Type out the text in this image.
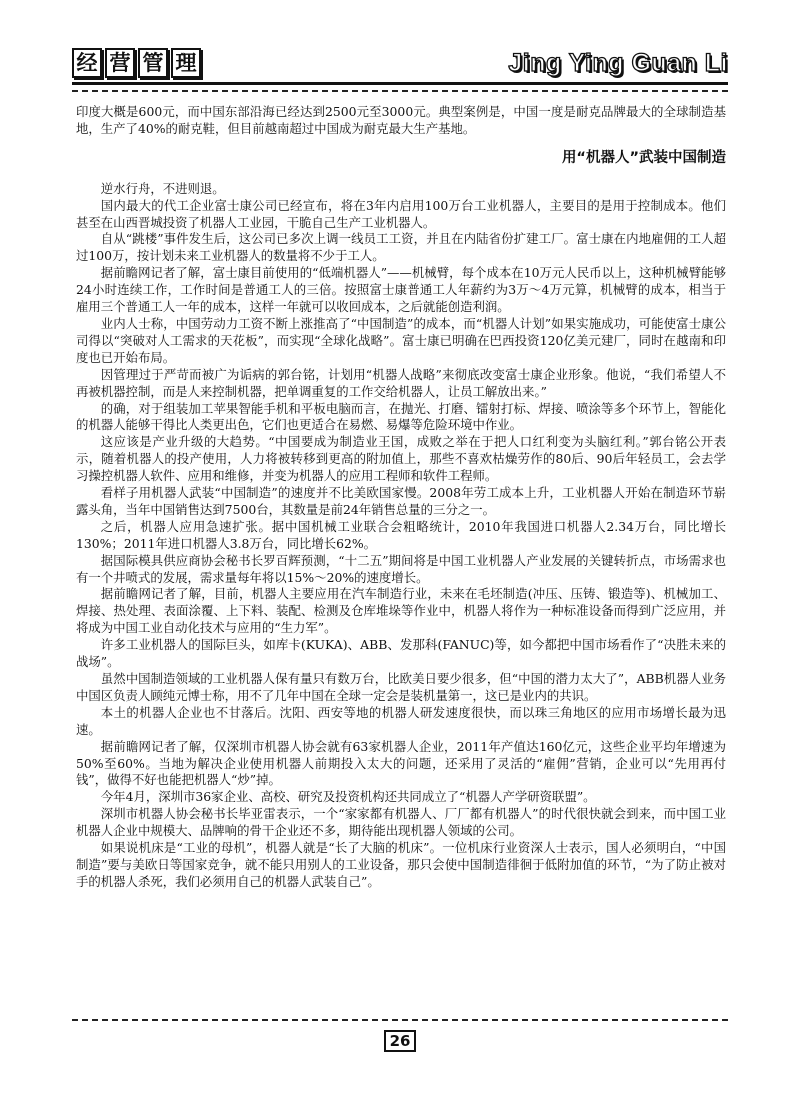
经 营 管 理	Jing Ying Guan Li

印度大概是600元，而中国东部沿海已经达到2500元至3000元。典型案例是，中国一度是耐克品牌最大的全球制造基地，生产了40%的耐克鞋，但目前越南超过中国成为耐克最大生产基地。

用“机器人”武装中国制造

逆水行舟，不进则退。

国内最大的代工企业富士康公司已经宣布，将在3年内启用100万台工业机器人，主要目的是用于控制成本。他们甚至在山西晋城投资了机器人工业园，干脆自己生产工业机器人。

自从“跳楼”事件发生后，这公司已多次上调一线员工工资，并且在内陆省份扩建工厂。富士康在内地雇佣的工人超过100万，按计划未来工业机器人的数量将不少于工人。

据前瞻网记者了解，富士康目前使用的“低端机器人”——机械臂，每个成本在10万元人民币以上，这种机械臂能够24小时连续工作，工作时间是普通工人的三倍。按照富士康普通工人年薪约为3万～4万元算，机械臂的成本，相当于雇用三个普通工人一年的成本，这样一年就可以收回成本，之后就能创造利润。

业内人士称，中国劳动力工资不断上涨推高了“中国制造”的成本，而“机器人计划”如果实施成功，可能使富士康公司得以“突破对人工需求的天花板”，而实现“全球化战略”。富士康已明确在巴西投资120亿美元建厂，同时在越南和印度也已开始布局。

因管理过于严苛而被广为诟病的郭台铭，计划用“机器人战略”来彻底改变富士康企业形象。他说，“我们希望人不再被机器控制，而是人来控制机器，把单调重复的工作交给机器人，让员工解放出来。”

的确，对于组装加工苹果智能手机和平板电脑而言，在抛光、打磨、镭射打标、焊接、喷涂等多个环节上，智能化的机器人能够干得比人类更出色，它们也更适合在易燃、易爆等危险环境中作业。

这应该是产业升级的大趋势。“中国要成为制造业王国，成败之举在于把人口红利变为头脑红利。”郭台铭公开表示，随着机器人的投产使用，人力将被转移到更高的附加值上，那些不喜欢枯燥劳作的80后、90后年轻员工，会去学习操控机器人软件、应用和维修，并变为机器人的应用工程师和软件工程师。

看样子用机器人武装“中国制造”的速度并不比美欧国家慢。2008年劳工成本上升，工业机器人开始在制造环节崭露头角，当年中国销售达到7500台，其数量是前24年销售总量的三分之一。

之后，机器人应用急速扩张。据中国机械工业联合会粗略统计，2010年我国进口机器人2.34万台，同比增长130%；2011年进口机器人3.8万台，同比增长62%。

据国际模具供应商协会秘书长罗百辉预测，“十二五”期间将是中国工业机器人产业发展的关键转折点，市场需求也有一个井喷式的发展，需求量每年将以15%～20%的速度增长。

据前瞻网记者了解，目前，机器人主要应用在汽车制造行业，未来在毛坯制造(冲压、压铸、锻造等)、机械加工、焊接、热处理、表面涂覆、上下料、装配、检测及仓库堆垛等作业中，机器人将作为一种标准设备而得到广泛应用，并将成为中国工业自动化技术与应用的“生力军”。

许多工业机器人的国际巨头，如库卡(KUKA)、ABB、发那科(FANUC)等，如今都把中国市场看作了“决胜未来的战场”。

虽然中国制造领域的工业机器人保有量只有数万台，比欧美日要少很多，但“中国的潜力太大了”，ABB机器人业务中国区负责人顾纯元博士称，用不了几年中国在全球一定会是装机量第一，这已是业内的共识。

本土的机器人企业也不甘落后。沈阳、西安等地的机器人研发速度很快，而以珠三角地区的应用市场增长最为迅速。

据前瞻网记者了解，仅深圳市机器人协会就有63家机器人企业，2011年产值达160亿元，这些企业平均年增速为50%至60%。当地为解决企业使用机器人前期投入太大的问题，还采用了灵活的“雇佣”营销，企业可以“先用再付钱”，做得不好也能把机器人“炒”掉。

今年4月，深圳市36家企业、高校、研究及投资机构还共同成立了“机器人产学研资联盟”。

深圳市机器人协会秘书长毕亚雷表示，一个“家家都有机器人、厂厂都有机器人”的时代很快就会到来，而中国工业机器人企业中规模大、品牌响的骨干企业还不多，期待能出现机器人领域的公司。

如果说机床是“工业的母机”，机器人就是“长了大脑的机床”。一位机床行业资深人士表示，国人必须明白，“中国制造”要与美欧日等国家竞争，就不能只用别人的工业设备，那只会使中国制造徘徊于低附加值的环节，“为了防止被对手的机器人杀死，我们必须用自己的机器人武装自己”。

26
